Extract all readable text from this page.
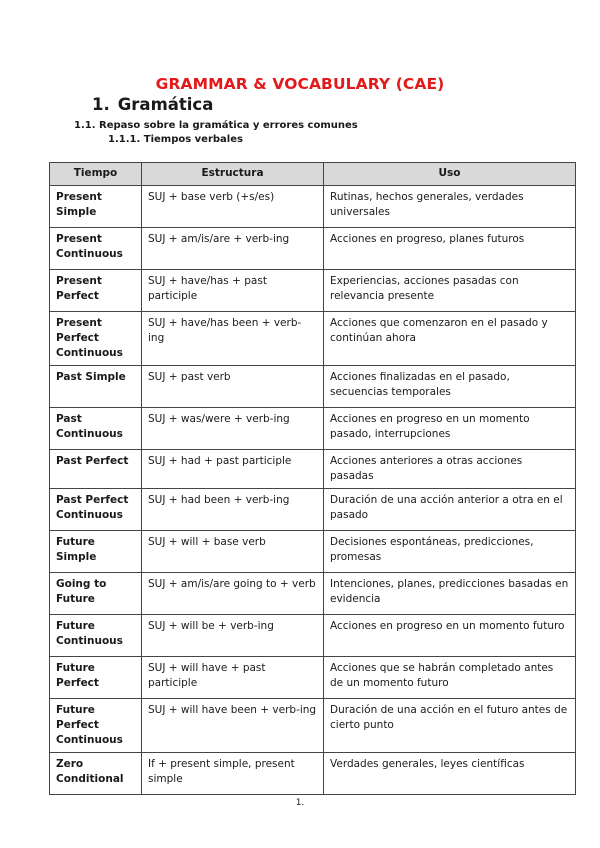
GRAMMAR & VOCABULARY (CAE)
1. Gramática
1.1. Repaso sobre la gramática y errores comunes
1.1.1. Tiempos verbales
Tiempo	Estructura	Uso
Present Simple	SUJ + base verb (+s/es)	Rutinas, hechos generales, verdades universales
Present Continuous	SUJ + am/is/are + verb-ing	Acciones en progreso, planes futuros
Present Perfect	SUJ + have/has + past participle	Experiencias, acciones pasadas con relevancia presente
Present Perfect Continuous	SUJ + have/has been + verb-ing	Acciones que comenzaron en el pasado y continúan ahora
Past Simple	SUJ + past verb	Acciones finalizadas en el pasado, secuencias temporales
Past Continuous	SUJ + was/were + verb-ing	Acciones en progreso en un momento pasado, interrupciones
Past Perfect	SUJ + had + past participle	Acciones anteriores a otras acciones pasadas
Past Perfect Continuous	SUJ + had been + verb-ing	Duración de una acción anterior a otra en el pasado
Future Simple	SUJ + will + base verb	Decisiones espontáneas, predicciones, promesas
Going to Future	SUJ + am/is/are going to + verb	Intenciones, planes, predicciones basadas en evidencia
Future Continuous	SUJ + will be + verb-ing	Acciones en progreso en un momento futuro
Future Perfect	SUJ + will have + past participle	Acciones que se habrán completado antes de un momento futuro
Future Perfect Continuous	SUJ + will have been + verb-ing	Duración de una acción en el futuro antes de cierto punto
Zero Conditional	If + present simple, present simple	Verdades generales, leyes científicas
1.
